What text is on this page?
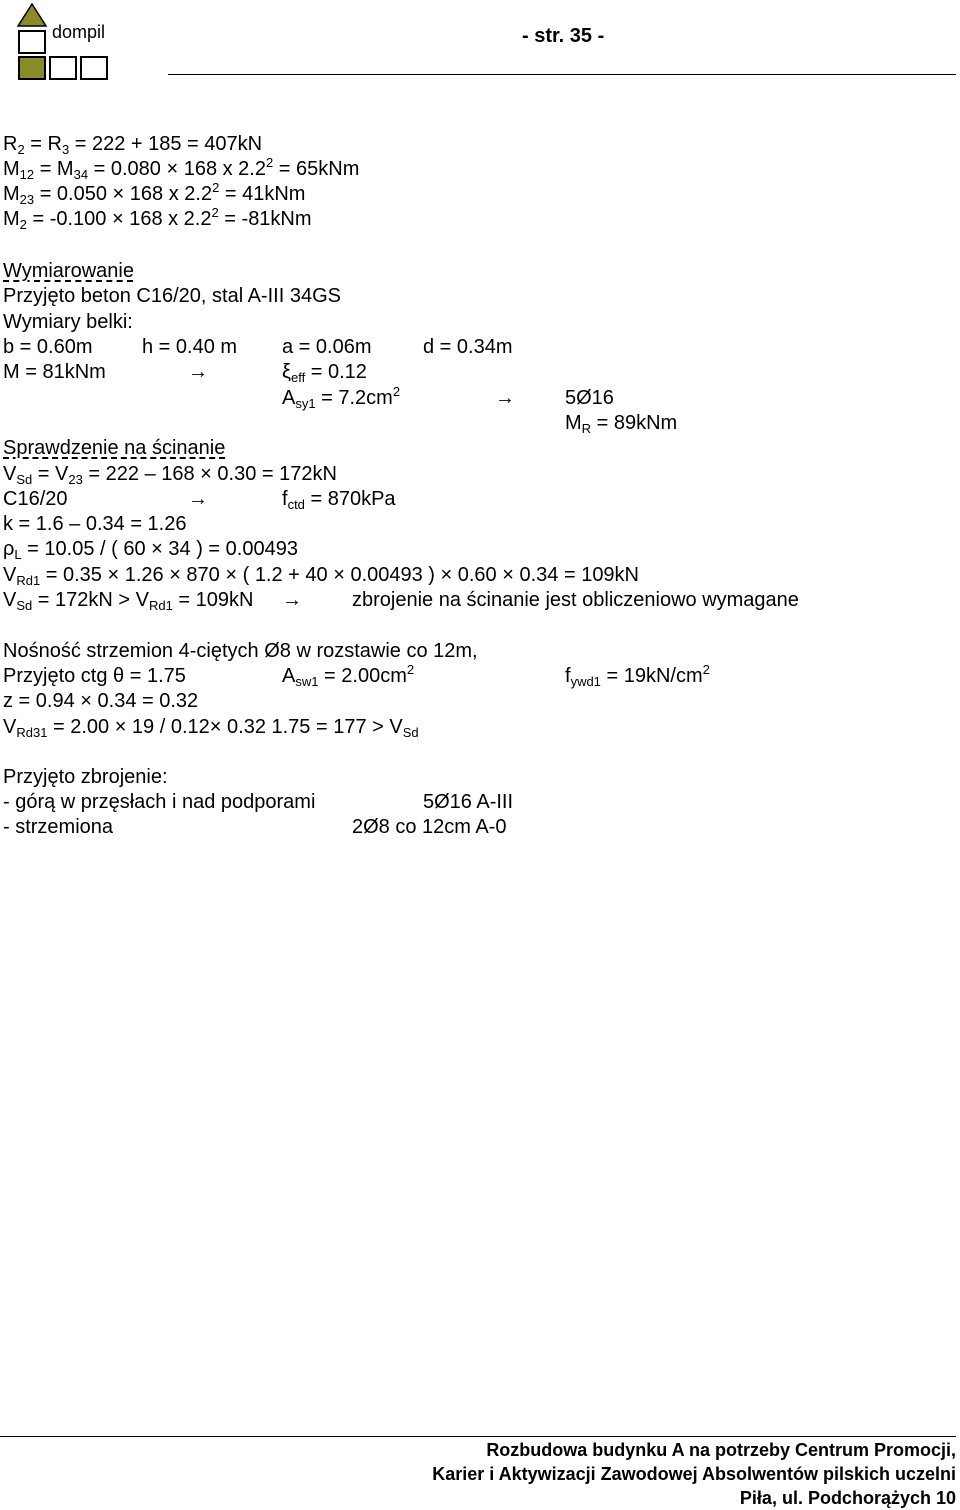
dompil	- str. 35 -
$R_2 = R_3 = 222 + 185 = 407kN$
$M_{12} = M_{34} = 0.080 \times 168$ x $2.2^2 = 65kNm$
$M_{23} = 0.050 \times 168$ x $2.2^2 = 41kNm$
$M_2 = -0.100 \times 168$ x $2.2^2 = -81kNm$
Wymiarowanie
Przyjęto beton C16/20, stal A-III 34GS
Wymiary belki:
b = 0.60m h = 0.40 m a = 0.06m	d = 0.34m
M = 81kNm	→	$\xi_{eff} = 0.12$
$A_{sy1} = 7.2cm^2$	→	5Ø16
$M_R = 89kNm$
Sprawdzenie na ścinanie
$V_{Sd} = V_{23} = 222 - 168 \times 0.30 = 172kN$
C16/20	→	$f_{ctd} = 870kPa$
k = 1.6 – 0.34 = 1.26
$\rho_L = 10.05$ / ( 60 × 34 ) = 0.00493
$V_{Rd1} = 0.35 \times 1.26 \times 870$ × ( 1.2 + 40 × 0.00493 ) × 0.60 × 0.34 = 109kN
$V_{Sd} = 172kN > V_{Rd1} = 109kN$ →	zbrojenie na ścinanie jest obliczeniowo wymagane
Nośność strzemion 4-ciętych Ø8 w rozstawie co 12m,
Przyjęto ctg θ = 1.75	$A_{sw1} = 2.00cm^2$	$f_{ywd1} = 19kN/cm^2$
z = 0.94 × 0.34 = 0.32
$V_{Rd31} = 2.00 \times 19 / 0.12\times 0.32$ $1.75 = 177 > V_{Sd}$
Przyjęto zbrojenie:
- górą w przęsłach i nad podporami	5Ø16 A-III
- strzemiona	2Ø8 co 12cm A-0
Rozbudowa budynku A na potrzeby Centrum Promocji,
Karier i Aktywizacji Zawodowej Absolwentów pilskich uczelni
Piła, ul. Podchorążych 10
